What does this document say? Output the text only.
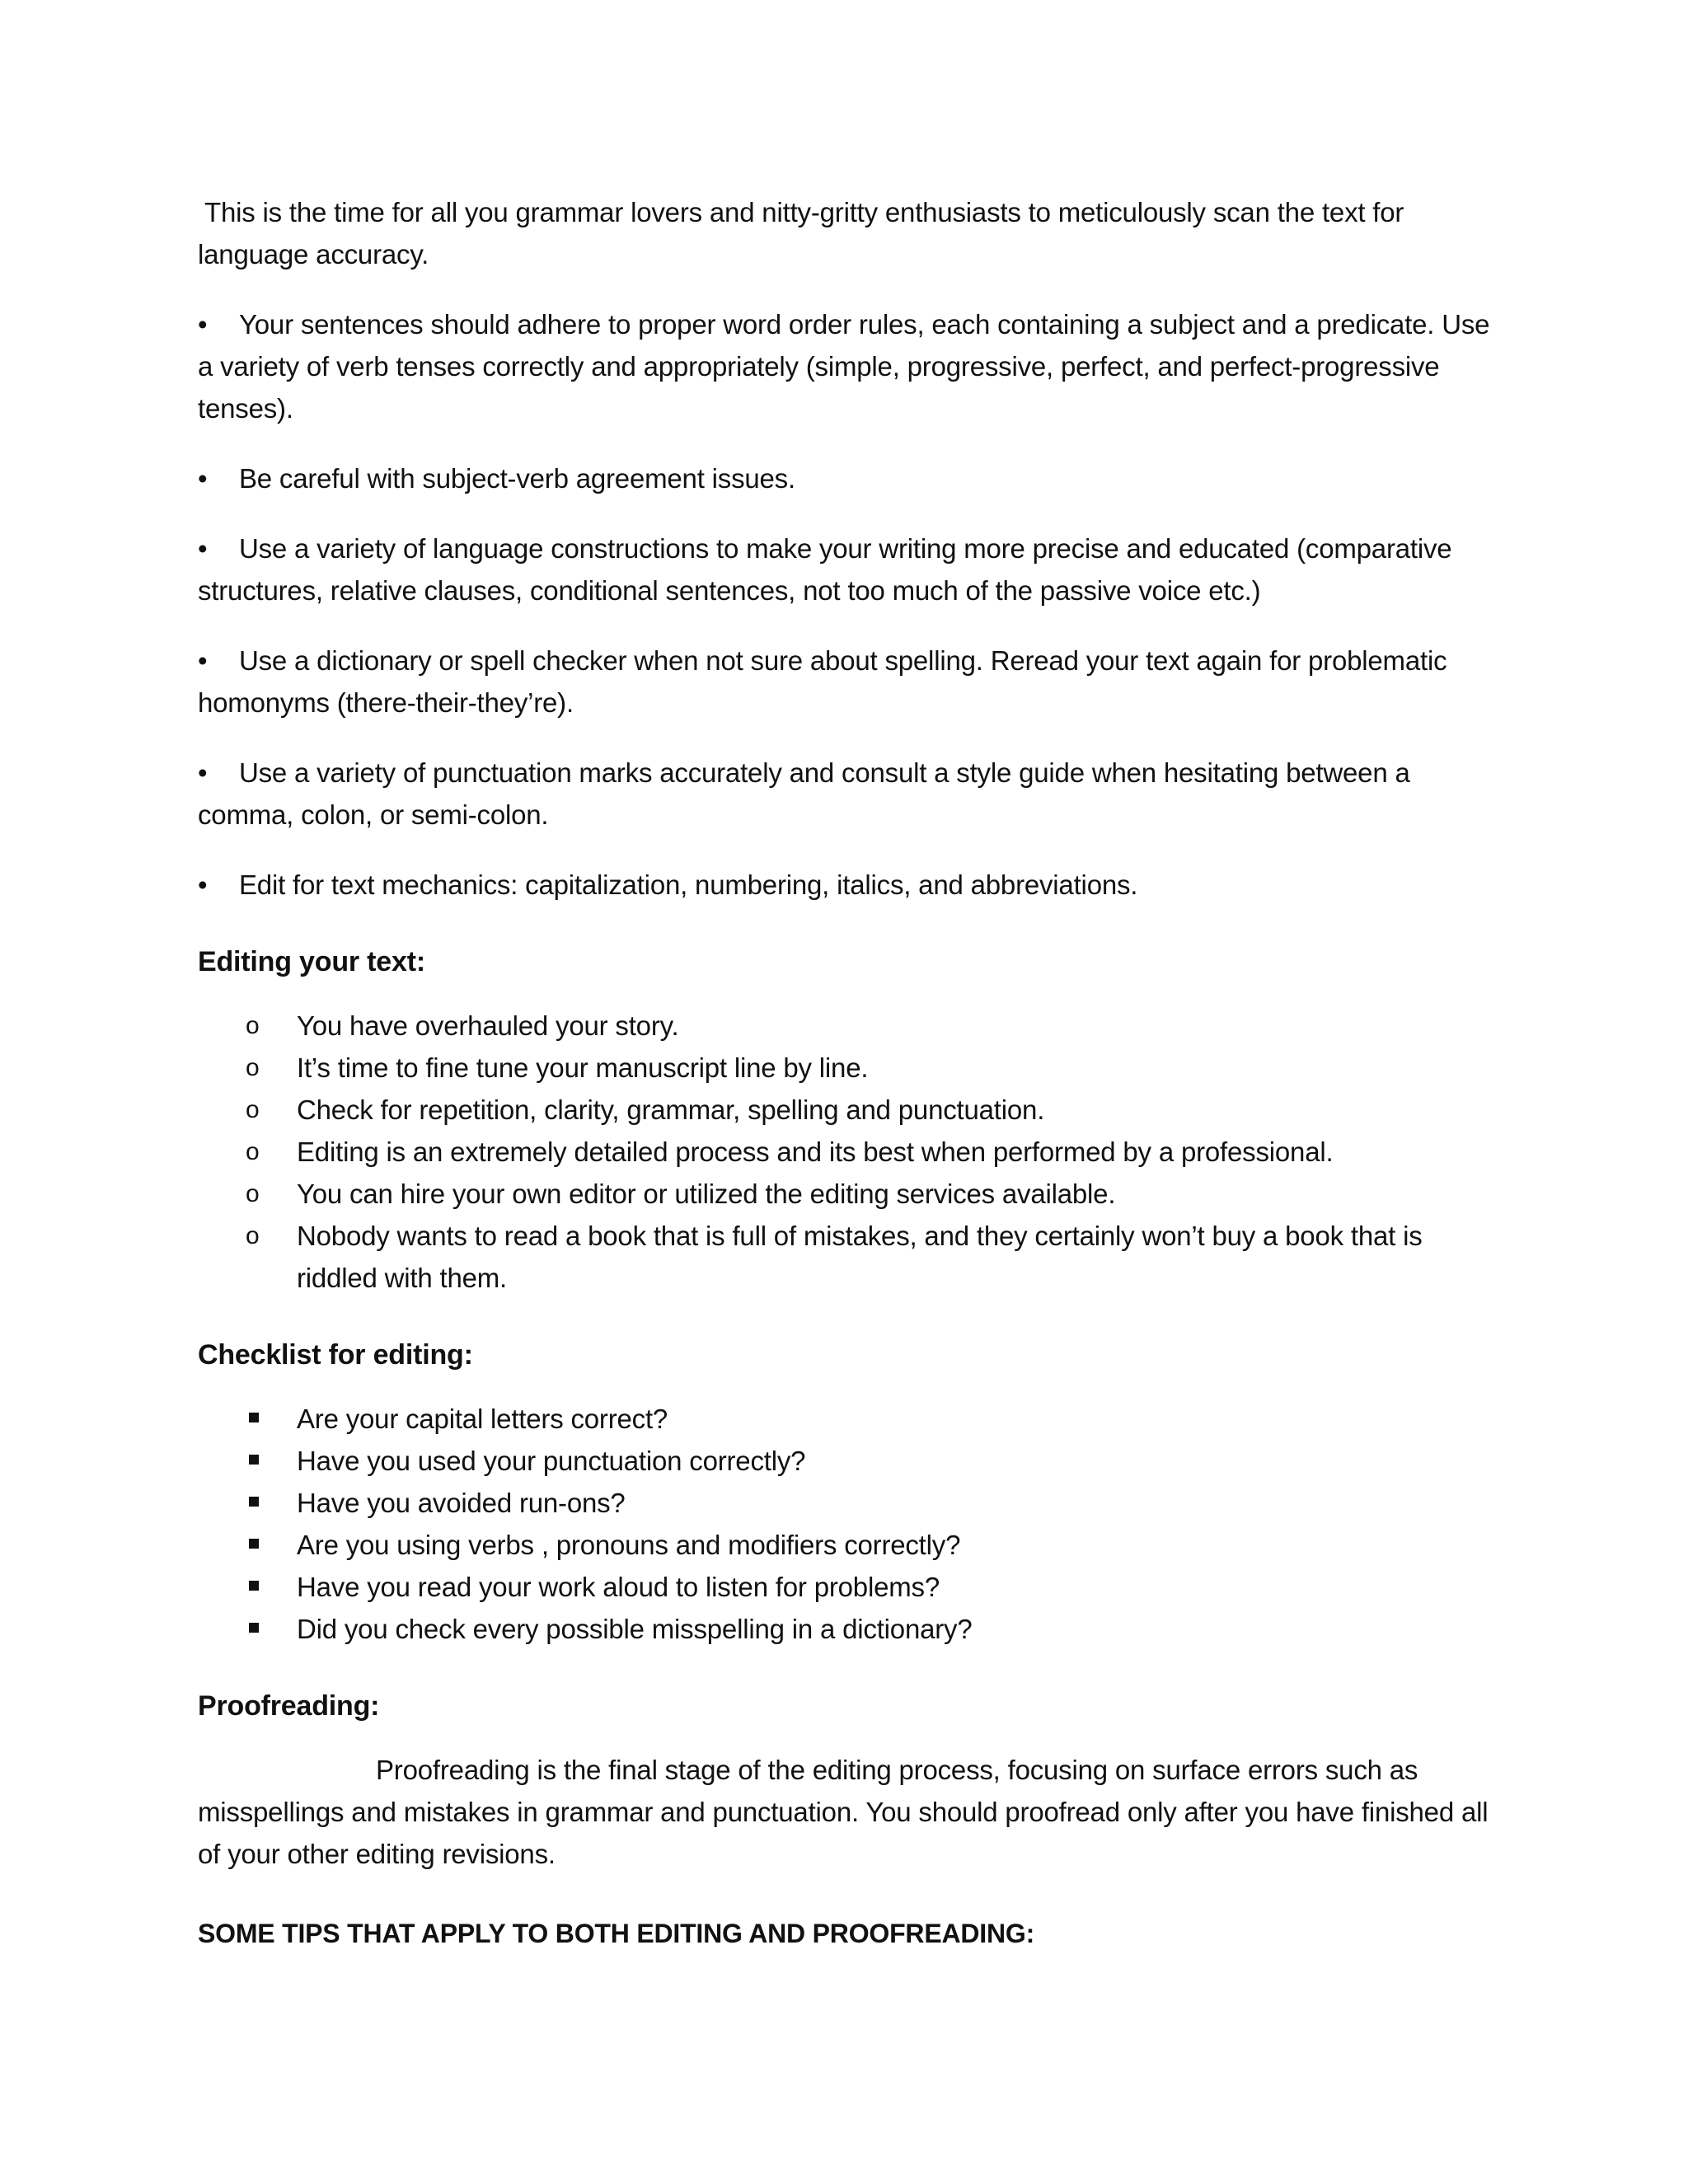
This is the time for all you grammar lovers and nitty-gritty enthusiasts to meticulously scan the text for language accuracy.

• Your sentences should adhere to proper word order rules, each containing a subject and a predicate. Use a variety of verb tenses correctly and appropriately (simple, progressive, perfect, and perfect-progressive tenses).

• Be careful with subject-verb agreement issues.

• Use a variety of language constructions to make your writing more precise and educated (comparative structures, relative clauses, conditional sentences, not too much of the passive voice etc.)

• Use a dictionary or spell checker when not sure about spelling. Reread your text again for problematic homonyms (there-their-they’re).

• Use a variety of punctuation marks accurately and consult a style guide when hesitating between a comma, colon, or semi-colon.

• Edit for text mechanics: capitalization, numbering, italics, and abbreviations.

Editing your text:
o You have overhauled your story.
o It’s time to fine tune your manuscript line by line.
o Check for repetition, clarity, grammar, spelling and punctuation.
o Editing is an extremely detailed process and its best when performed by a professional.
o You can hire your own editor or utilized the editing services available.
o Nobody wants to read a book that is full of mistakes, and they certainly won’t buy a book that is riddled with them.
Checklist for editing:
Are your capital letters correct?
Have you used your punctuation correctly?
Have you avoided run-ons?
Are you using verbs , pronouns and modifiers correctly?
Have you read your work aloud to listen for problems?
Did you check every possible misspelling in a dictionary?
Proofreading:

Proofreading is the final stage of the editing process, focusing on surface errors such as misspellings and mistakes in grammar and punctuation. You should proofread only after you have finished all of your other editing revisions.

SOME TIPS THAT APPLY TO BOTH EDITING AND PROOFREADING:
